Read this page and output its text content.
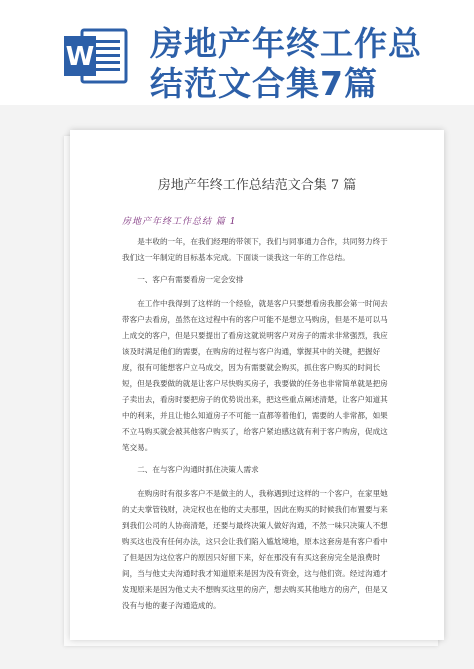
W 房地产年终工作总
结范文合集7篇
房地产年终工作总结范文合集 7 篇
房地产年终工作总结 篇 1

是丰收的一年，在我们经理的带领下，我们与同事通力合作，共同努力终于我们这一年制定的目标基本完成。下面谈一谈我这一年的工作总结。

一、客户有需要看房一定会安排

在工作中我得到了这样的一个经验，就是客户只要想看房我都会第一时间去带客户去看房，虽然在这过程中有的客户可能不是想立马购房，但是不是可以马上成交的客户，但是只要提出了看房这就说明客户对房子的需求非常强烈，我应该及时满足他们的需要，在购房的过程与客户沟通，掌握其中的关键，把握好度，很有可能想客户立马成交，因为有需要就会购买，抓住客户购买的时间长短，但是我要做的就是让客户尽快购买房子，我要做的任务也非常简单就是把房子卖出去，看房时要把房子的优势说出来，把这些重点阐述清楚，让客户知道其中的利来，并且让他么知道房子不可能一直都等着他们，需要的人非常都，如果不立马购买就会被其他客户购买了，给客户紧迫感这就有利于客户购房，促成这笔交易。

二、在与客户沟通时抓住决策人需求

在购房时有很多客户不是做主的人，我称遇到过这样的一个客户，在家里她的丈夫掌管钱财，决定权也在他的丈夫那里，因此在购买的时候我们布置要与来到我们公司的人协商清楚，还要与最终决策人做好沟通，不然一味只决策人不想购买这也没有任何办法，这只会让我们陷入尴尬境地，原本这套房是有客户看中了但是因为这位客户的原因只好留下来，好在那没有有买这套房完全是浪费时间，当与他丈夫沟通时我才知道原来是因为没有资金，这与他们资。经过沟通才发现原来是因为他丈夫不想购买这里的房产，想去购买其他地方的房产，但是又没有与他的妻子沟通造成的。
